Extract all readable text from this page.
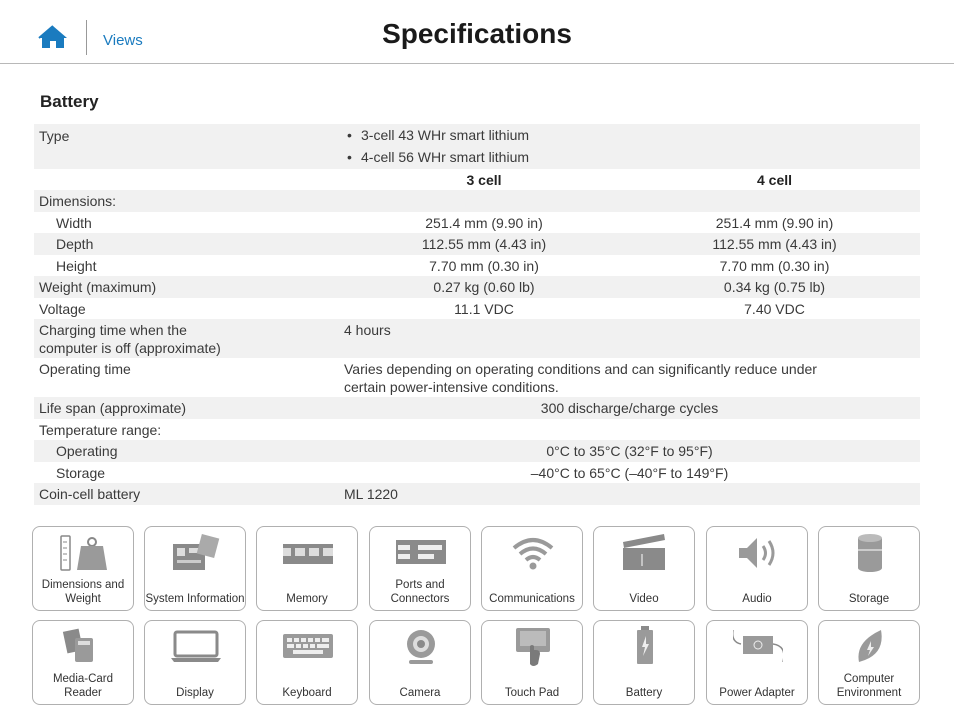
Views	Specifications
Battery
Type
•	3-cell 43 WHr smart lithium
• 4-cell 56 WHr smart lithium
3 cell	4 cell
Dimensions:
Width	251.4 mm (9.90 in)	251.4 mm (9.90 in)
Depth	112.55 mm (4.43 in)	112.55 mm (4.43 in)
Height	7.70 mm (0.30 in)	7.70 mm (0.30 in)
Weight (maximum)	0.27 kg (0.60 lb)	0.34 kg (0.75 lb)
Voltage	11.1 VDC	7.40 VDC
Charging time when the
computer is off (approximate)
4 hours
Operating time	Varies depending on operating conditions and can significantly reduce under
certain power-intensive conditions.
Life span (approximate)	300 discharge/charge cycles
Temperature range:
Operating	0°C to 35°C (32°F to 95°F)
Storage	–40°C to 65°C (–40°F to 149°F)
Coin-cell battery	ML 1220
Dimensions and Weight	System Information	Memory
Ports and Connectors	Communications	Video	Audio	Storage
Media-Card Reader	Display	Keyboard	Camera	Touch Pad	Battery	Power Adapter
Computer Environment
